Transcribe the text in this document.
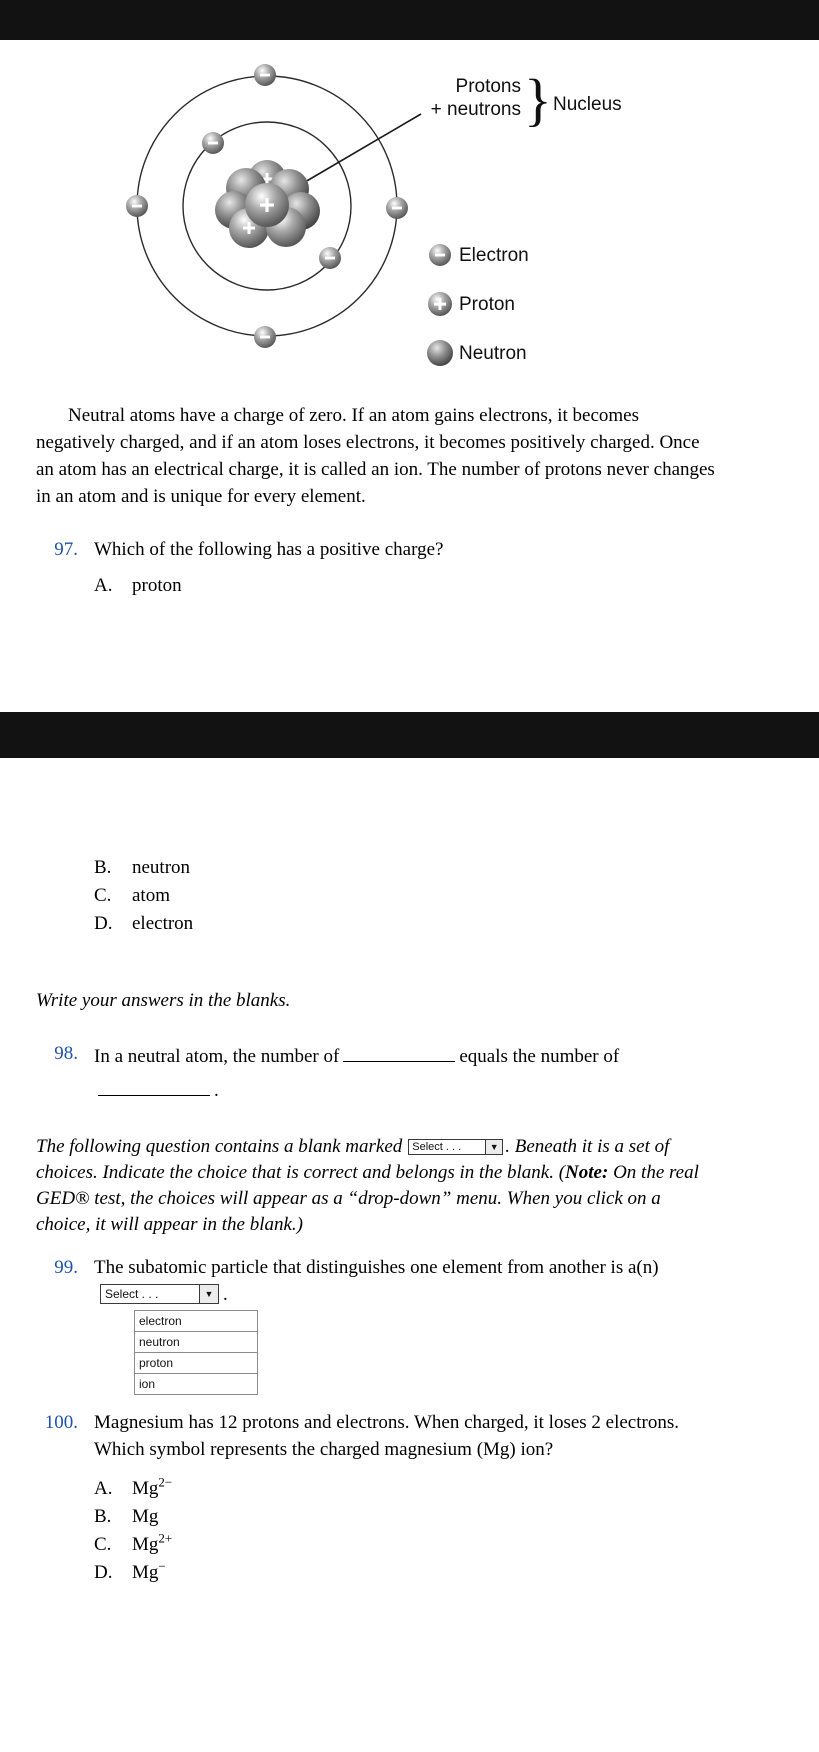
Protons
+ neutrons } Nucleus
Electron
Proton
Neutron

Neutral atoms have a charge of zero. If an atom gains electrons, it becomes negatively charged, and if an atom loses electrons, it becomes positively charged. Once an atom has an electrical charge, it is called an ion. The number of protons never changes in an atom and is unique for every element.

97. Which of the following has a positive charge?
A.	proton
B.	neutron
C.	atom
D.	electron

Write your answers in the blanks.

98. In a neutral atom, the number of	equals the number of
.

The following question contains a blank marked Select . . .	▼ . Beneath it is a set of choices. Indicate the choice that is correct and belongs in the blank. (Note: On the real GED® test, the choices will appear as a “drop-down” menu. When you click on a choice, it will appear in the blank.)

99. The subatomic particle that distinguishes one element from another is a(n)
Select . . .	▼ .
electron
neutron
proton
ion
100. Magnesium has 12 protons and electrons. When charged, it loses 2 electrons. Which symbol represents the charged magnesium (Mg) ion?
A.	$Mg^{2-}$
B.	Mg
C.	$Mg^{2+}$
D.	Mg−
